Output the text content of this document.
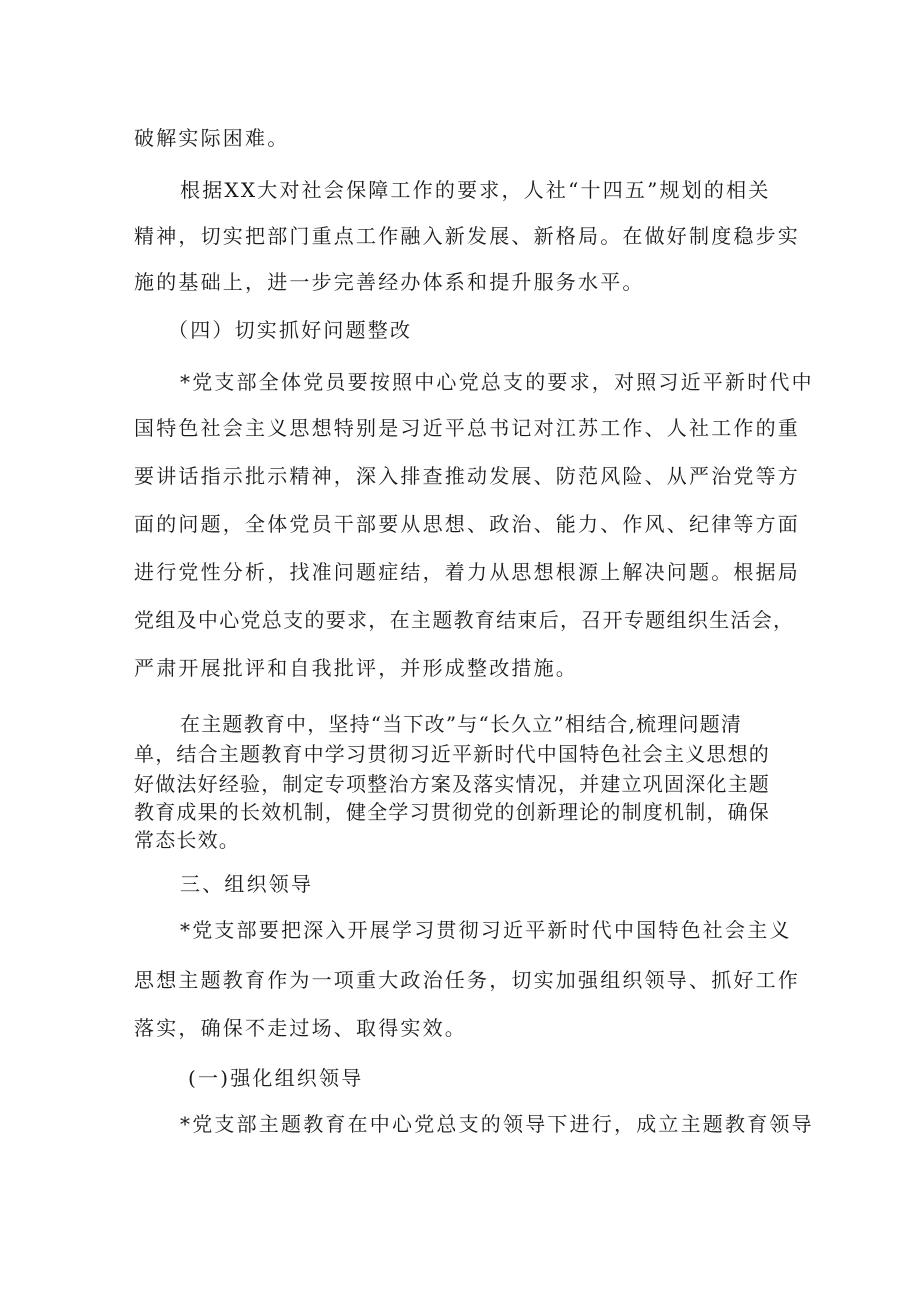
破解实际困难。
根据XX大对社会保障工作的要求，人社“十四五”规划的相关
精神，切实把部门重点工作融入新发展、新格局。在做好制度稳步实
施的基础上，进一步完善经办体系和提升服务水平。
（四）切实抓好问题整改
*党支部全体党员要按照中心党总支的要求，对照习近平新时代中
国特色社会主义思想特别是习近平总书记对江苏工作、人社工作的重
要讲话指示批示精神，深入排查推动发展、防范风险、从严治党等方
面的问题，全体党员干部要从思想、政治、能力、作风、纪律等方面
进行党性分析，找准问题症结，着力从思想根源上解决问题。根据局
党组及中心党总支的要求，在主题教育结束后，召开专题组织生活会，
严肃开展批评和自我批评，并形成整改措施。
在主题教育中，坚持“当下改”与“长久立”相结合,梳理问题清
单，结合主题教育中学习贯彻习近平新时代中国特色社会主义思想的
好做法好经验，制定专项整治方案及落实情况，并建立巩固深化主题
教育成果的长效机制，健全学习贯彻党的创新理论的制度机制，确保
常态长效。
三、组织领导
*党支部要把深入开展学习贯彻习近平新时代中国特色社会主义
思想主题教育作为一项重大政治任务，切实加强组织领导、抓好工作
落实，确保不走过场、取得实效。
(一)强化组织领导
*党支部主题教育在中心党总支的领导下进行，成立主题教育领导
